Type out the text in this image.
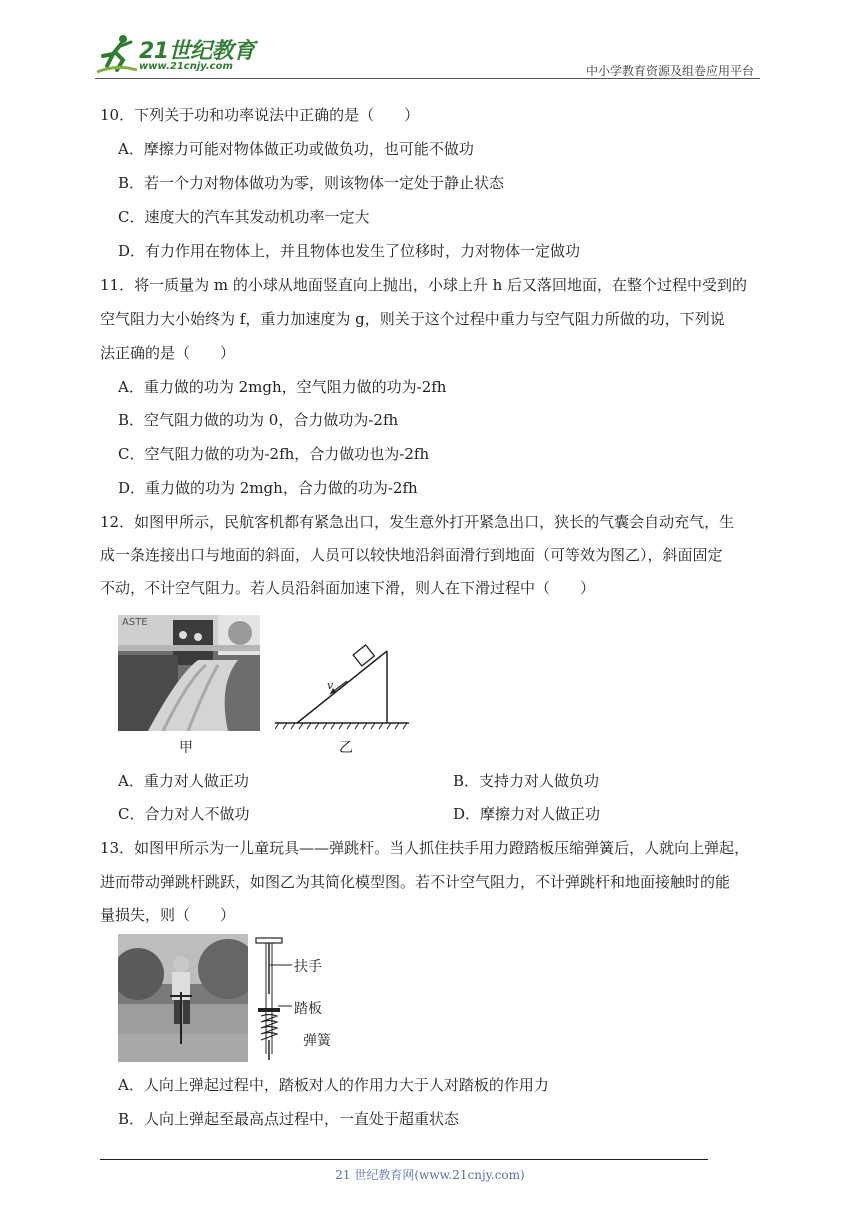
21世纪教育
www.21cnjy.com	中小学教育资源及组卷应用平台
10．下列关于功和功率说法中正确的是（　　）
A．摩擦力可能对物体做正功或做负功，也可能不做功
B．若一个力对物体做功为零，则该物体一定处于静止状态
C．速度大的汽车其发动机功率一定大
D．有力作用在物体上，并且物体也发生了位移时，力对物体一定做功
11．将一质量为 m 的小球从地面竖直向上抛出，小球上升 h 后又落回地面，在整个过程中受到的
空气阻力大小始终为 f，重力加速度为 g，则关于这个过程中重力与空气阻力所做的功，下列说
法正确的是（　　）
A．重力做的功为 2mgh，空气阻力做的功为-2fh
B．空气阻力做的功为 0，合力做功为-2fh
C．空气阻力做的功为-2fh，合力做功也为-2fh
D．重力做的功为 2mgh，合力做的功为-2fh
12．如图甲所示，民航客机都有紧急出口，发生意外打开紧急出口，狭长的气囊会自动充气，生
成一条连接出口与地面的斜面，人员可以较快地沿斜面滑行到地面（可等效为图乙），斜面固定
不动，不计空气阻力。若人员沿斜面加速下滑，则人在下滑过程中（　　）
ASTE
甲
v
乙
A．重力对人做正功	B．支持力对人做负功
C．合力对人不做功	D．摩擦力对人做正功
13．如图甲所示为一儿童玩具——弹跳杆。当人抓住扶手用力蹬踏板压缩弹簧后，人就向上弹起，
进而带动弹跳杆跳跃，如图乙为其简化模型图。若不计空气阻力，不计弹跳杆和地面接触时的能
量损失，则（　　）
扶手
踏板
弹簧
A．人向上弹起过程中，踏板对人的作用力大于人对踏板的作用力
B．人向上弹起至最高点过程中，一直处于超重状态
21 世纪教育网(www.21cnjy.com)
